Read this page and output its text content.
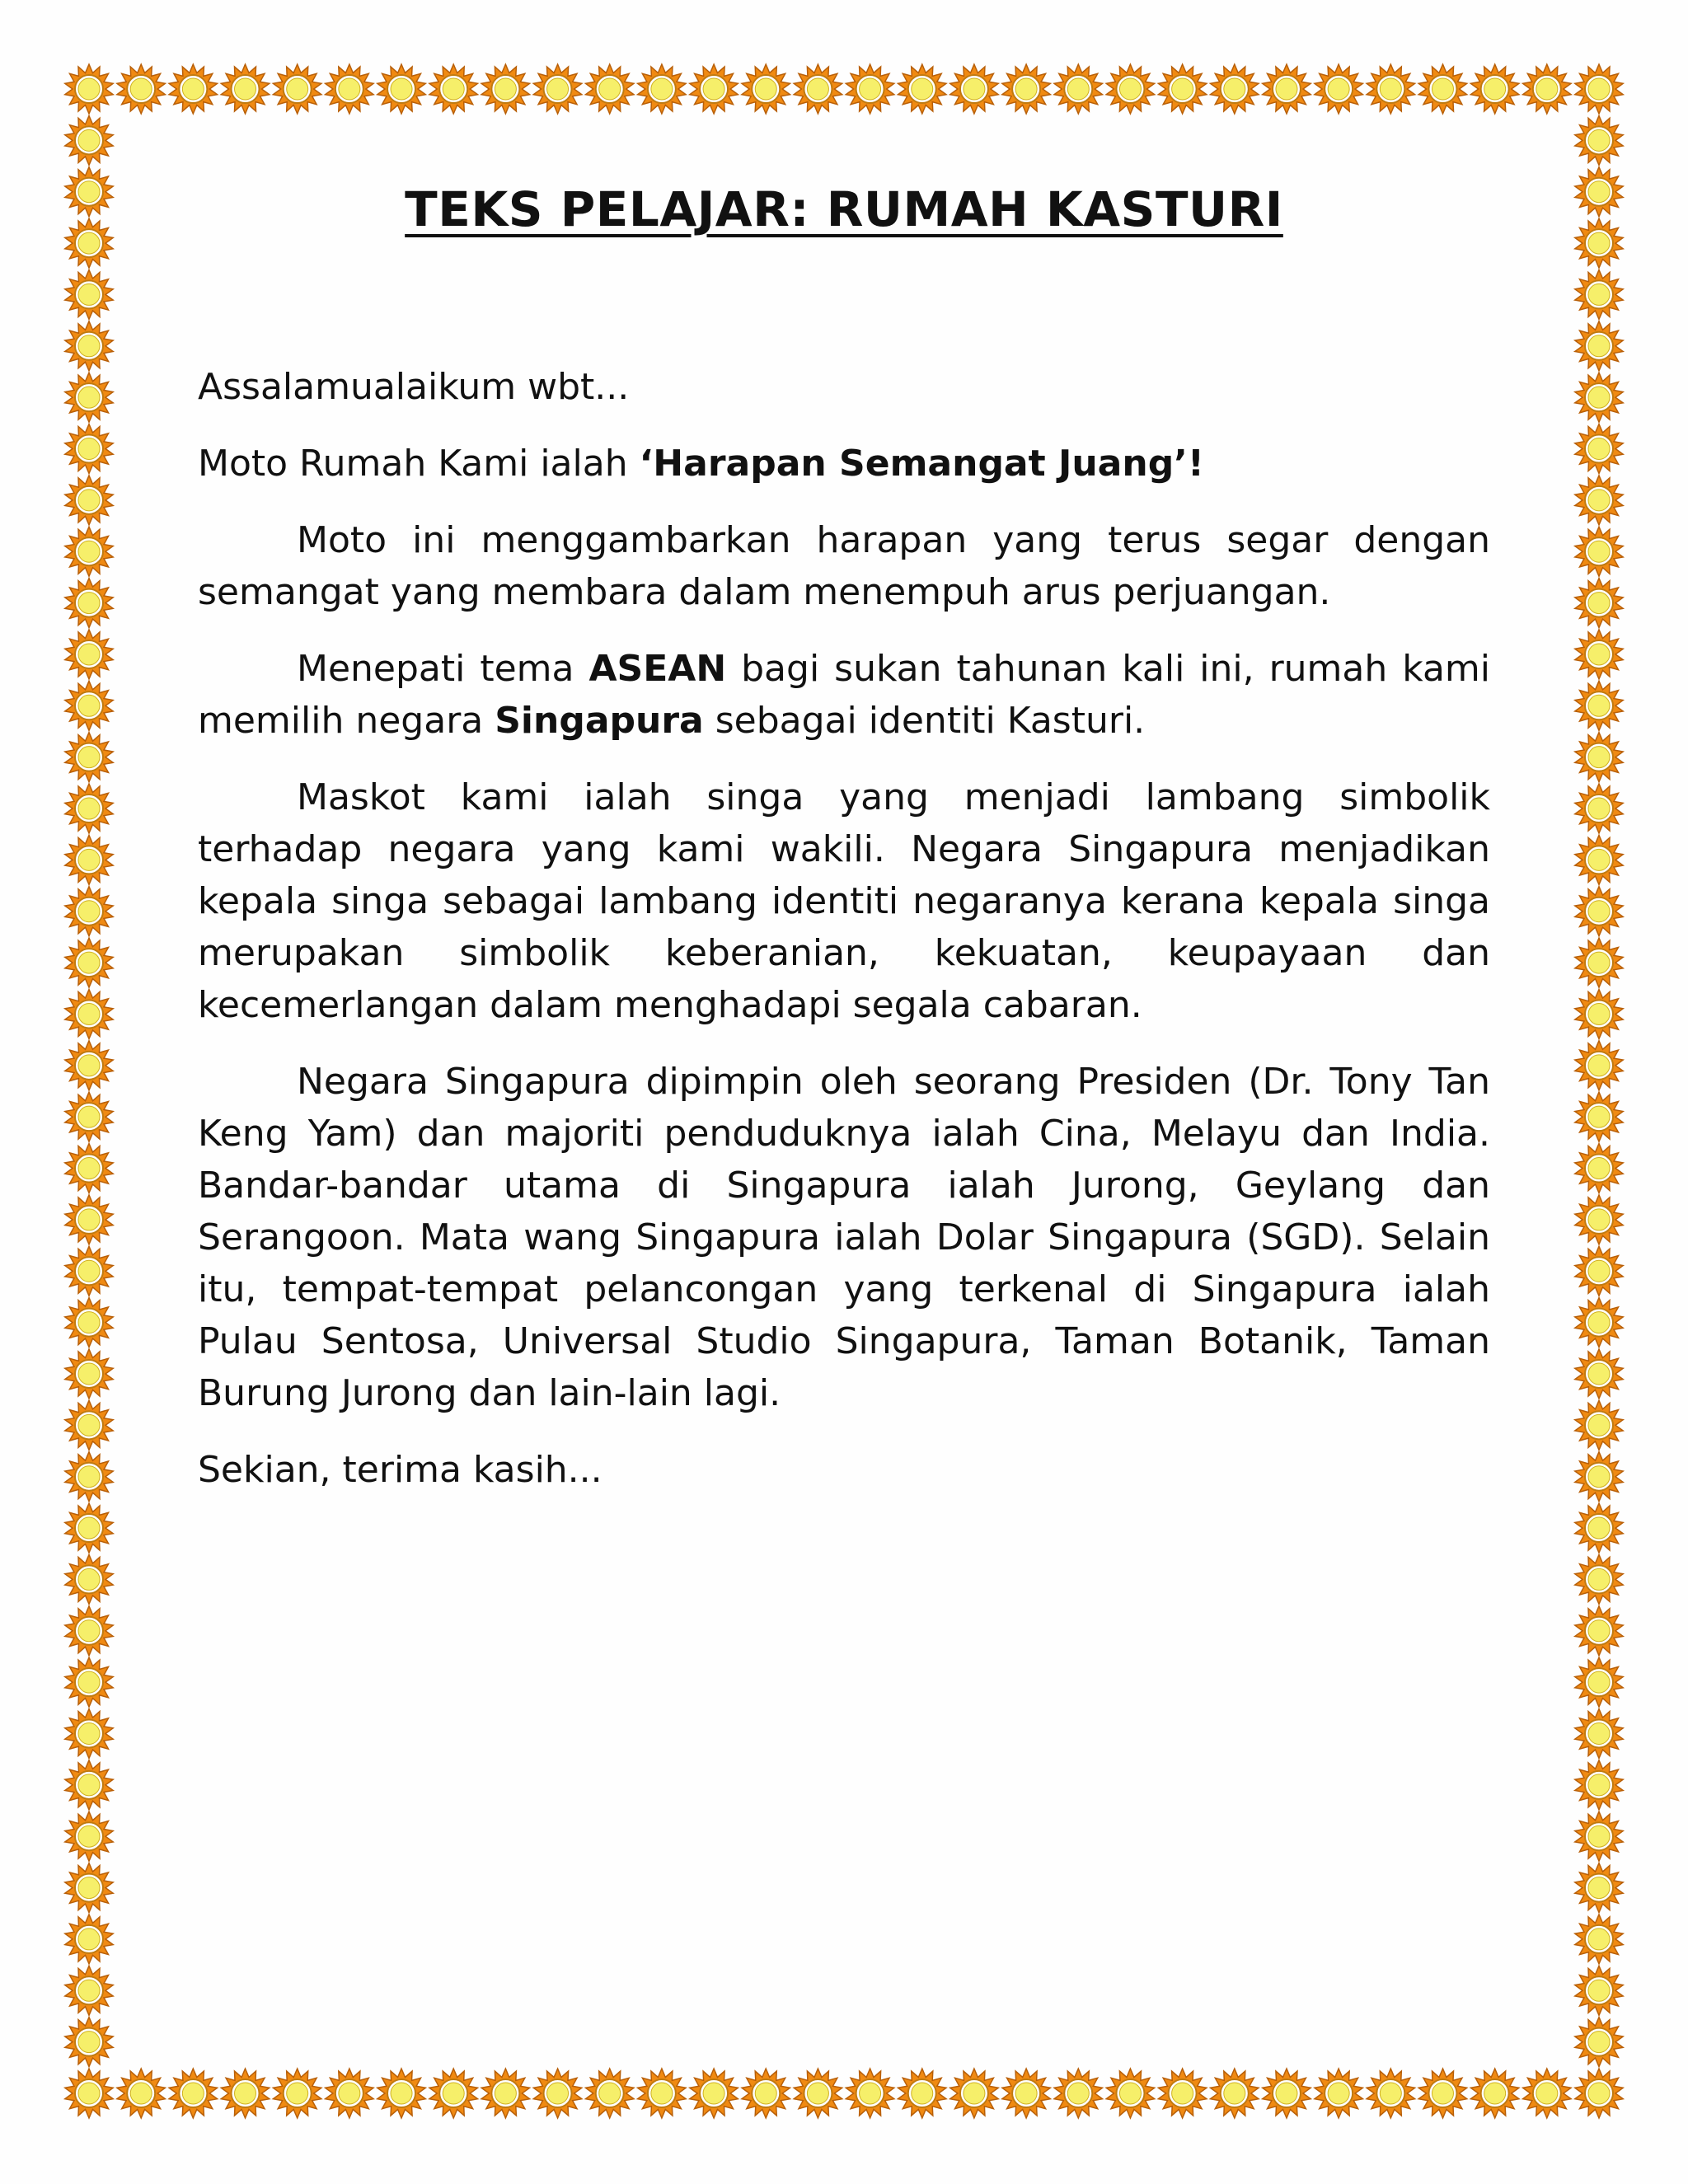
TEKS PELAJAR: RUMAH KASTURI

Assalamualaikum wbt...

Moto Rumah Kami ialah ‘Harapan Semangat Juang’!

Moto ini menggambarkan harapan yang terus segar dengan semangat yang membara dalam menempuh arus perjuangan.

Menepati tema ASEAN bagi sukan tahunan kali ini, rumah kami memilih negara Singapura sebagai identiti Kasturi.

Maskot kami ialah singa yang menjadi lambang simbolik terhadap negara yang kami wakili. Negara Singapura menjadikan kepala singa sebagai lambang identiti negaranya kerana kepala singa merupakan simbolik keberanian, kekuatan, keupayaan dan kecemerlangan dalam menghadapi segala cabaran.

Negara Singapura dipimpin oleh seorang Presiden (Dr. Tony Tan Keng Yam) dan majoriti penduduknya ialah Cina, Melayu dan India. Bandar-bandar utama di Singapura ialah Jurong, Geylang dan Serangoon. Mata wang Singapura ialah Dolar Singapura (SGD). Selain itu, tempat-tempat pelancongan yang terkenal di Singapura ialah Pulau Sentosa, Universal Studio Singapura, Taman Botanik, Taman Burung Jurong dan lain-lain lagi.

Sekian, terima kasih...
